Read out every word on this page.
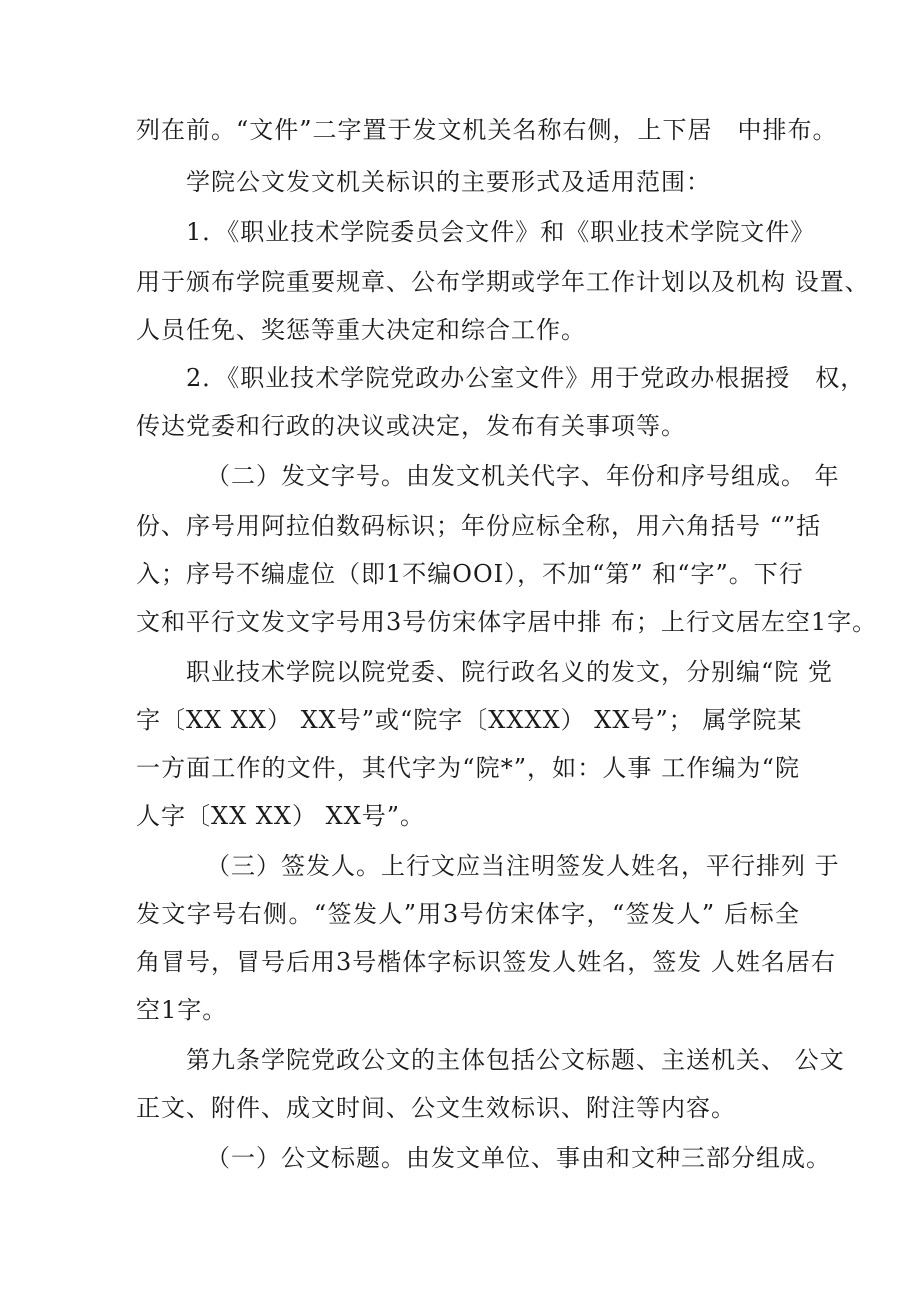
列在前。“文件”二字置于发文机关名称右侧，上下居　中排布。
学院公文发文机关标识的主要形式及适用范围：
1．《职业技术学院委员会文件》和《职业技术学院文件》
用于颁布学院重要规章、公布学期或学年工作计划以及机构 设置、
人员任免、奖惩等重大决定和综合工作。
2．《职业技术学院党政办公室文件》用于党政办根据授　权，
传达党委和行政的决议或决定，发布有关事项等。
（二）发文字号。由发文机关代字、年份和序号组成。 年
份、序号用阿拉伯数码标识；年份应标全称，用六角括号 “”括
入；序号不编虚位（即1不编OOI），不加“第” 和“字”。下行
文和平行文发文字号用3号仿宋体字居中排 布；上行文居左空1字。
职业技术学院以院党委、院行政名义的发文，分别编“院 党
字〔XX XX） XX号”或“院字〔XXXX） XX号”； 属学院某
一方面工作的文件，其代字为“院*”，如：人事 工作编为“院
人字〔XX XX） XX号”。
（三）签发人。上行文应当注明签发人姓名，平行排列 于
发文字号右侧。“签发人”用3号仿宋体字，“签发人” 后标全
角冒号，冒号后用3号楷体字标识签发人姓名，签发 人姓名居右
空1字。
第九条学院党政公文的主体包括公文标题、主送机关、 公文
正文、附件、成文时间、公文生效标识、附注等内容。
（一）公文标题。由发文单位、事由和文种三部分组成。
